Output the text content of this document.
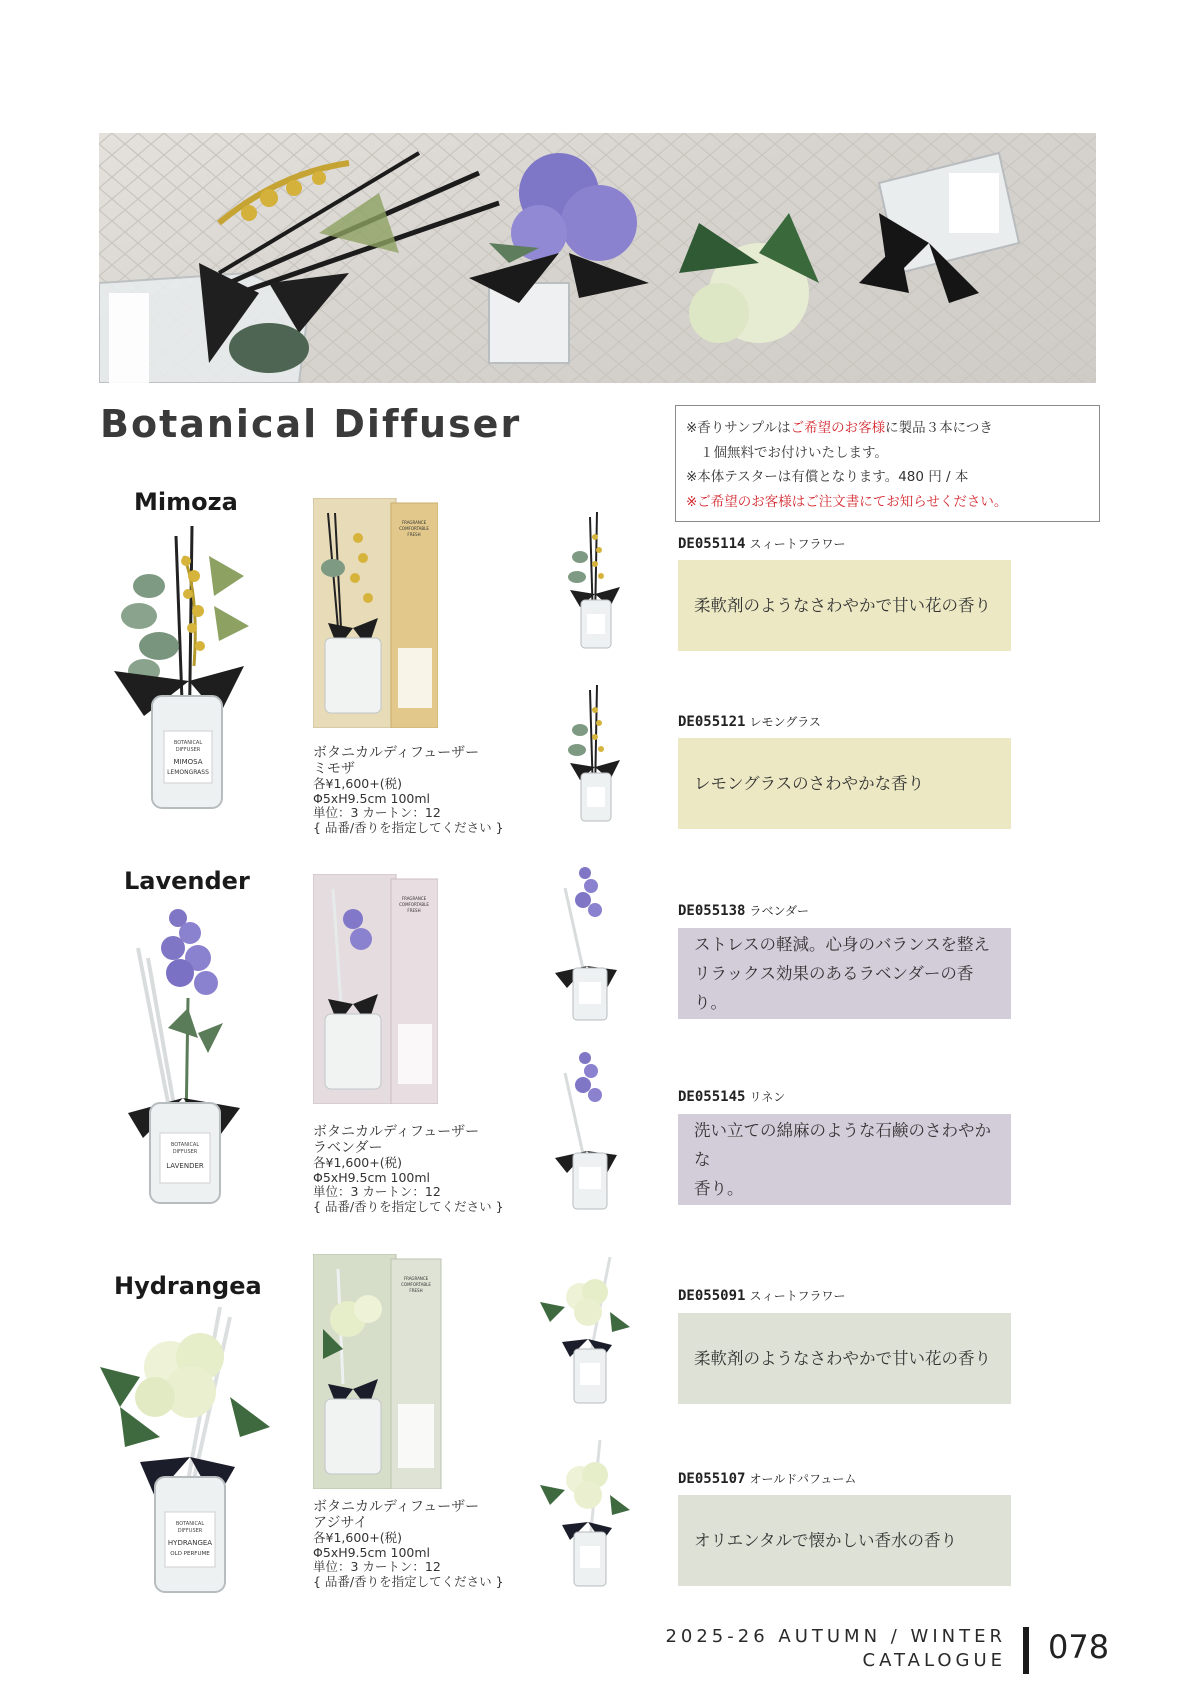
Botanical Diffuser	※香りサンプルはご希望のお客様に製品３本につき
１個無料でお付けいたします。
※本体テスターは有償となります。480 円 / 本
※ご希望のお客様はご注文書にてお知らせください。
Mimoza
BOTANICAL
DIFFUSER
MIMOSA
LEMONGRASS
FRAGRANCE
COMFORTABLE
FRESH
ボタニカルディフューザー
ミモザ
各¥1,600+(税)
Φ5xH9.5cm 100ml
単位：3 カートン：12
{ 品番/香りを指定してください }
DE055114 スィートフラワー
柔軟剤のようなさわやかで甘い花の香り
DE055121 レモングラス
レモングラスのさわやかな香り
Lavender
BOTANICAL
DIFFUSER
LAVENDER
FRAGRANCE
COMFORTABLE
FRESH
ボタニカルディフューザー
ラベンダー
各¥1,600+(税)
Φ5xH9.5cm 100ml
単位：3 カートン：12
{ 品番/香りを指定してください }
DE055138 ラベンダー
ストレスの軽減。心身のバランスを整え
リラックス効果のあるラベンダーの香り。
DE055145 リネン
洗い立ての綿麻のような石鹸のさわやかな
香り。
Hydrangea
BOTANICAL
DIFFUSER
HYDRANGEA
OLD PERFUME
FRAGRANCE
COMFORTABLE
FRESH
ボタニカルディフューザー
アジサイ
各¥1,600+(税)
Φ5xH9.5cm 100ml
単位：3 カートン：12
{ 品番/香りを指定してください }
DE055091 スィートフラワー
柔軟剤のようなさわやかで甘い花の香り
DE055107 オールドパフューム
オリエンタルで懐かしい香水の香り
2025-26 AUTUMN / WINTER
CATALOGUE 078
